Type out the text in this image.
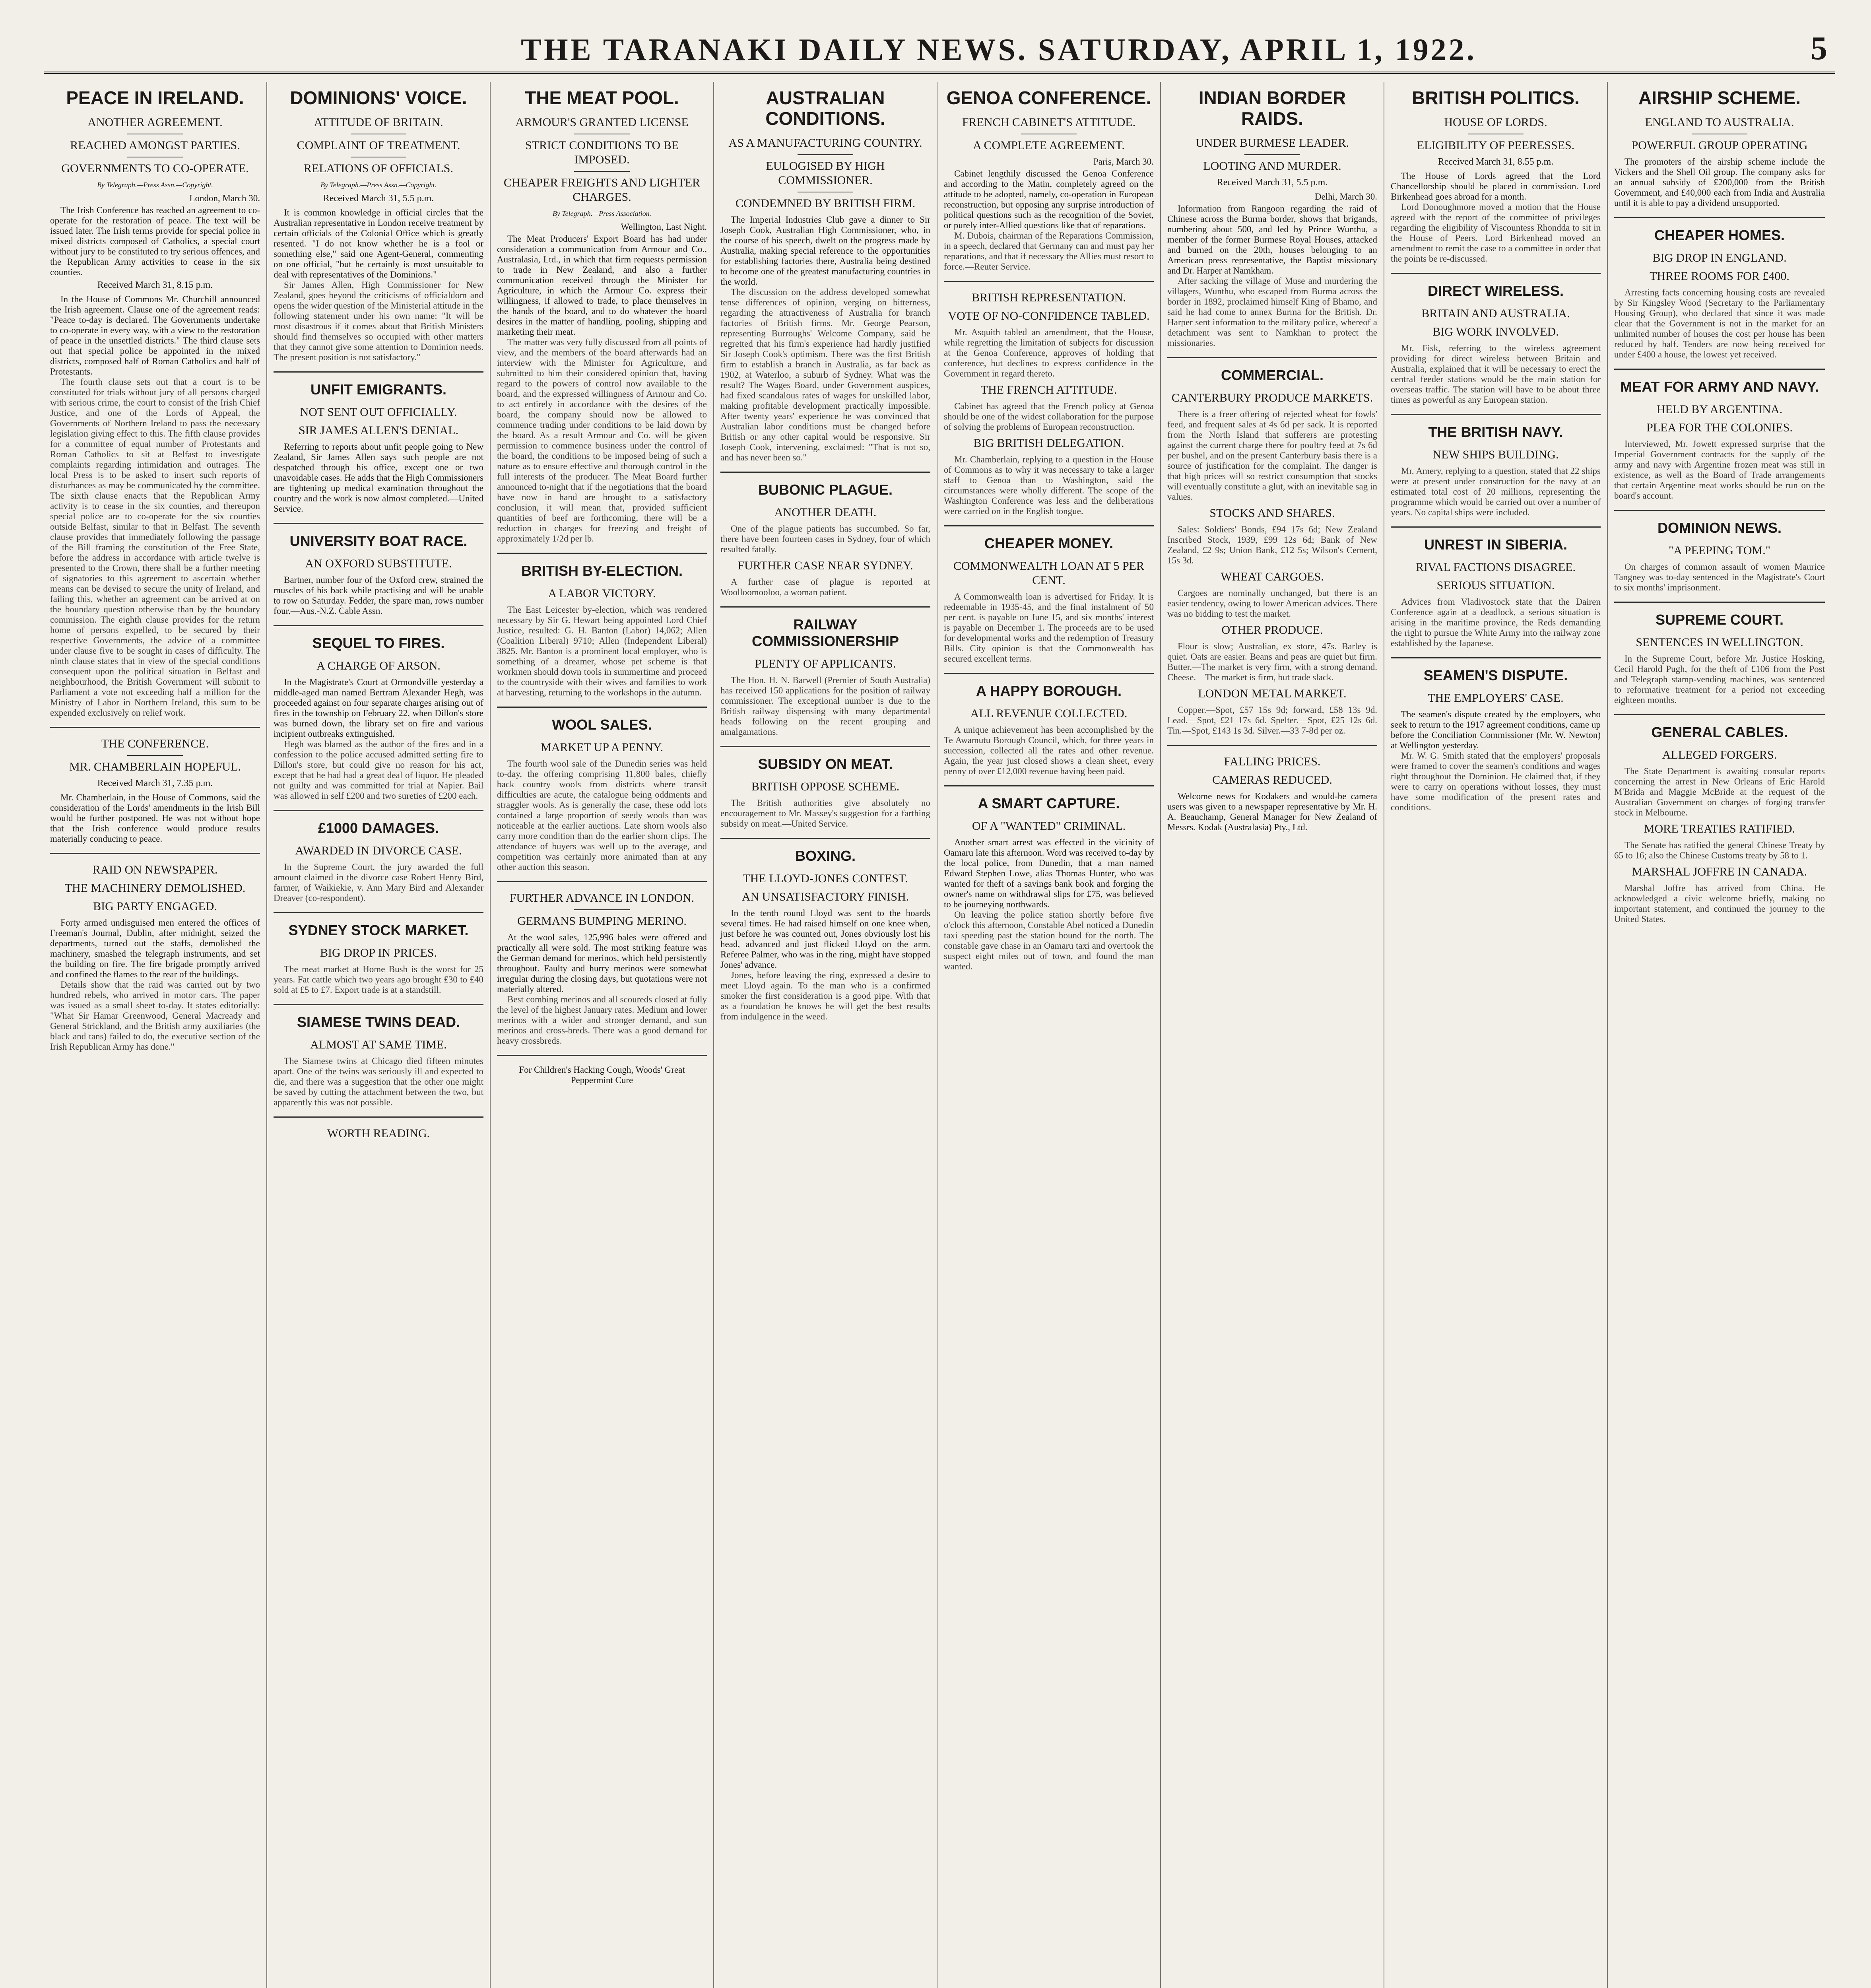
THE TARANAKI DAILY NEWS. SATURDAY, APRIL 1, 1922.	5
PEACE IN IRELAND.
ANOTHER AGREEMENT.
REACHED AMONGST PARTIES.
GOVERNMENTS TO CO-OPERATE.
By Telegraph.—Press Assn.—Copyright.
London, March 30.

The Irish Conference has reached an agreement to co-operate for the restoration of peace. The text will be issued later. The Irish terms provide for special police in mixed districts composed of Catholics, a special court without jury to be constituted to try serious offences, and the Republican Army activities to cease in the six counties.

Received March 31, 8.15 p.m.

In the House of Commons Mr. Churchill announced the Irish agreement. Clause one of the agreement reads: "Peace to-day is declared. The Governments undertake to co-operate in every way, with a view to the restoration of peace in the unsettled districts." The third clause sets out that special police be appointed in the mixed districts, composed half of Roman Catholics and half of Protestants.

The fourth clause sets out that a court is to be constituted for trials without jury of all persons charged with serious crime, the court to consist of the Irish Chief Justice, and one of the Lords of Appeal, the Governments of Northern Ireland to pass the necessary legislation giving effect to this. The fifth clause provides for a committee of equal number of Protestants and Roman Catholics to sit at Belfast to investigate complaints regarding intimidation and outrages. The local Press is to be asked to insert such reports of disturbances as may be communicated by the committee. The sixth clause enacts that the Republican Army activity is to cease in the six counties, and thereupon special police are to co-operate for the six counties outside Belfast, similar to that in Belfast. The seventh clause provides that immediately following the passage of the Bill framing the constitution of the Free State, before the address in accordance with article twelve is presented to the Crown, there shall be a further meeting of signatories to this agreement to ascertain whether means can be devised to secure the unity of Ireland, and failing this, whether an agreement can be arrived at on the boundary question otherwise than by the boundary commission. The eighth clause provides for the return home of persons expelled, to be secured by their respective Governments, the advice of a committee under clause five to be sought in cases of difficulty. The ninth clause states that in view of the special conditions consequent upon the political situation in Belfast and neighbourhood, the British Government will submit to Parliament a vote not exceeding half a million for the Ministry of Labor in Northern Ireland, this sum to be expended exclusively on relief work.

THE CONFERENCE.
MR. CHAMBERLAIN HOPEFUL.
Received March 31, 7.35 p.m.

Mr. Chamberlain, in the House of Commons, said the consideration of the Lords' amendments in the Irish Bill would be further postponed. He was not without hope that the Irish conference would produce results materially conducing to peace.

RAID ON NEWSPAPER.
THE MACHINERY DEMOLISHED.
BIG PARTY ENGAGED.

Forty armed undisguised men entered the offices of Freeman's Journal, Dublin, after midnight, seized the departments, turned out the staffs, demolished the machinery, smashed the telegraph instruments, and set the building on fire. The fire brigade promptly arrived and confined the flames to the rear of the buildings.

Details show that the raid was carried out by two hundred rebels, who arrived in motor cars. The paper was issued as a small sheet to-day. It states editorially: "What Sir Hamar Greenwood, General Macready and General Strickland, and the British army auxiliaries (the black and tans) failed to do, the executive section of the Irish Republican Army has done."

DOMINIONS' VOICE.
ATTITUDE OF BRITAIN.
COMPLAINT OF TREATMENT.
RELATIONS OF OFFICIALS.
By Telegraph.—Press Assn.—Copyright.
Received March 31, 5.5 p.m.

It is common knowledge in official circles that the Australian representative in London receive treatment by certain officials of the Colonial Office which is greatly resented. "I do not know whether he is a fool or something else," said one Agent-General, commenting on one official, "but he certainly is most unsuitable to deal with representatives of the Dominions."

Sir James Allen, High Commissioner for New Zealand, goes beyond the criticisms of officialdom and opens the wider question of the Ministerial attitude in the following statement under his own name: "It will be most disastrous if it comes about that British Ministers should find themselves so occupied with other matters that they cannot give some attention to Dominion needs. The present position is not satisfactory."

UNFIT EMIGRANTS.
NOT SENT OUT OFFICIALLY.
SIR JAMES ALLEN'S DENIAL.

Referring to reports about unfit people going to New Zealand, Sir James Allen says such people are not despatched through his office, except one or two unavoidable cases. He adds that the High Commissioners are tightening up medical examination throughout the country and the work is now almost completed.—United Service.

UNIVERSITY BOAT RACE.
AN OXFORD SUBSTITUTE.

Bartner, number four of the Oxford crew, strained the muscles of his back while practising and will be unable to row on Saturday. Fedder, the spare man, rows number four.—Aus.-N.Z. Cable Assn.

SEQUEL TO FIRES.
A CHARGE OF ARSON.

In the Magistrate's Court at Ormondville yesterday a middle-aged man named Bertram Alexander Hegh, was proceeded against on four separate charges arising out of fires in the township on February 22, when Dillon's store was burned down, the library set on fire and various incipient outbreaks extinguished.

Hegh was blamed as the author of the fires and in a confession to the police accused admitted setting fire to Dillon's store, but could give no reason for his act, except that he had had a great deal of liquor. He pleaded not guilty and was committed for trial at Napier. Bail was allowed in self £200 and two sureties of £200 each.

£1000 DAMAGES.
AWARDED IN DIVORCE CASE.

In the Supreme Court, the jury awarded the full amount claimed in the divorce case Robert Henry Bird, farmer, of Waikiekie, v. Ann Mary Bird and Alexander Dreaver (co-respondent).

SYDNEY STOCK MARKET.
BIG DROP IN PRICES.

The meat market at Home Bush is the worst for 25 years. Fat cattle which two years ago brought £30 to £40 sold at £5 to £7. Export trade is at a standstill.

SIAMESE TWINS DEAD.
ALMOST AT SAME TIME.

The Siamese twins at Chicago died fifteen minutes apart. One of the twins was seriously ill and expected to die, and there was a suggestion that the other one might be saved by cutting the attachment between the two, but apparently this was not possible.

WORTH READING.
THE MEAT POOL.
ARMOUR'S GRANTED LICENSE
STRICT CONDITIONS TO BE IMPOSED.
CHEAPER FREIGHTS AND LIGHTER CHARGES.
By Telegraph.—Press Association.
Wellington, Last Night.

The Meat Producers' Export Board has had under consideration a communication from Armour and Co., Australasia, Ltd., in which that firm requests permission to trade in New Zealand, and also a further communication received through the Minister for Agriculture, in which the Armour Co. express their willingness, if allowed to trade, to place themselves in the hands of the board, and to do whatever the board desires in the matter of handling, pooling, shipping and marketing their meat.

The matter was very fully discussed from all points of view, and the members of the board afterwards had an interview with the Minister for Agriculture, and submitted to him their considered opinion that, having regard to the powers of control now available to the board, and the expressed willingness of Armour and Co. to act entirely in accordance with the desires of the board, the company should now be allowed to commence trading under conditions to be laid down by the board. As a result Armour and Co. will be given permission to commence business under the control of the board, the conditions to be imposed being of such a nature as to ensure effective and thorough control in the full interests of the producer. The Meat Board further announced to-night that if the negotiations that the board have now in hand are brought to a satisfactory conclusion, it will mean that, provided sufficient quantities of beef are forthcoming, there will be a reduction in charges for freezing and freight of approximately 1/2d per lb.

BRITISH BY-ELECTION.
A LABOR VICTORY.

The East Leicester by-election, which was rendered necessary by Sir G. Hewart being appointed Lord Chief Justice, resulted: G. H. Banton (Labor) 14,062; Allen (Coalition Liberal) 9710; Allen (Independent Liberal) 3825. Mr. Banton is a prominent local employer, who is something of a dreamer, whose pet scheme is that workmen should down tools in summertime and proceed to the countryside with their wives and families to work at harvesting, returning to the workshops in the autumn.

WOOL SALES.
MARKET UP A PENNY.

The fourth wool sale of the Dunedin series was held to-day, the offering comprising 11,800 bales, chiefly back country wools from districts where transit difficulties are acute, the catalogue being oddments and straggler wools. As is generally the case, these odd lots contained a large proportion of seedy wools than was noticeable at the earlier auctions. Late shorn wools also carry more condition than do the earlier shorn clips. The attendance of buyers was well up to the average, and competition was certainly more animated than at any other auction this season.

FURTHER ADVANCE IN LONDON.
GERMANS BUMPING MERINO.

At the wool sales, 125,996 bales were offered and practically all were sold. The most striking feature was the German demand for merinos, which held persistently throughout. Faulty and hurry merinos were somewhat irregular during the closing days, but quotations were not materially altered.

Best combing merinos and all scoureds closed at fully the level of the highest January rates. Medium and lower merinos with a wider and stronger demand, and sun merinos and cross-breds. There was a good demand for heavy crossbreds.

For Children's Hacking Cough, Woods' Great Peppermint Cure

AUSTRALIAN CONDITIONS.
AS A MANUFACTURING COUNTRY.
EULOGISED BY HIGH COMMISSIONER.
CONDEMNED BY BRITISH FIRM.

The Imperial Industries Club gave a dinner to Sir Joseph Cook, Australian High Commissioner, who, in the course of his speech, dwelt on the progress made by Australia, making special reference to the opportunities for establishing factories there, Australia being destined to become one of the greatest manufacturing countries in the world.

The discussion on the address developed somewhat tense differences of opinion, verging on bitterness, regarding the attractiveness of Australia for branch factories of British firms. Mr. George Pearson, representing Burroughs' Welcome Company, said he regretted that his firm's experience had hardly justified Sir Joseph Cook's optimism. There was the first British firm to establish a branch in Australia, as far back as 1902, at Waterloo, a suburb of Sydney. What was the result? The Wages Board, under Government auspices, had fixed scandalous rates of wages for unskilled labor, making profitable development practically impossible. After twenty years' experience he was convinced that Australian labor conditions must be changed before British or any other capital would be responsive. Sir Joseph Cook, intervening, exclaimed: "That is not so, and has never been so."

BUBONIC PLAGUE.
ANOTHER DEATH.

One of the plague patients has succumbed. So far, there have been fourteen cases in Sydney, four of which resulted fatally.

FURTHER CASE NEAR SYDNEY.

A further case of plague is reported at Woolloomooloo, a woman patient.

RAILWAY COMMISSIONERSHIP
PLENTY OF APPLICANTS.

The Hon. H. N. Barwell (Premier of South Australia) has received 150 applications for the position of railway commissioner. The exceptional number is due to the British railway dispensing with many departmental heads following on the recent grouping and amalgamations.

SUBSIDY ON MEAT.
BRITISH OPPOSE SCHEME.

The British authorities give absolutely no encouragement to Mr. Massey's suggestion for a farthing subsidy on meat.—United Service.

BOXING.
THE LLOYD-JONES CONTEST.
AN UNSATISFACTORY FINISH.

In the tenth round Lloyd was sent to the boards several times. He had raised himself on one knee when, just before he was counted out, Jones obviously lost his head, advanced and just flicked Lloyd on the arm. Referee Palmer, who was in the ring, might have stopped Jones' advance.

Jones, before leaving the ring, expressed a desire to meet Lloyd again. To the man who is a confirmed smoker the first consideration is a good pipe. With that as a foundation he knows he will get the best results from indulgence in the weed.

GENOA CONFERENCE.
FRENCH CABINET'S ATTITUDE.
A COMPLETE AGREEMENT.
Paris, March 30.

Cabinet lengthily discussed the Genoa Conference and according to the Matin, completely agreed on the attitude to be adopted, namely, co-operation in European reconstruction, but opposing any surprise introduction of political questions such as the recognition of the Soviet, or purely inter-Allied questions like that of reparations.

M. Dubois, chairman of the Reparations Commission, in a speech, declared that Germany can and must pay her reparations, and that if necessary the Allies must resort to force.—Reuter Service.

BRITISH REPRESENTATION.
VOTE OF NO-CONFIDENCE TABLED.

Mr. Asquith tabled an amendment, that the House, while regretting the limitation of subjects for discussion at the Genoa Conference, approves of holding that conference, but declines to express confidence in the Government in regard thereto.

THE FRENCH ATTITUDE.

Cabinet has agreed that the French policy at Genoa should be one of the widest collaboration for the purpose of solving the problems of European reconstruction.

BIG BRITISH DELEGATION.

Mr. Chamberlain, replying to a question in the House of Commons as to why it was necessary to take a larger staff to Genoa than to Washington, said the circumstances were wholly different. The scope of the Washington Conference was less and the deliberations were carried on in the English tongue.

CHEAPER MONEY.
COMMONWEALTH LOAN AT 5 PER CENT.

A Commonwealth loan is advertised for Friday. It is redeemable in 1935-45, and the final instalment of 50 per cent. is payable on June 15, and six months' interest is payable on December 1. The proceeds are to be used for developmental works and the redemption of Treasury Bills. City opinion is that the Commonwealth has secured excellent terms.

A HAPPY BOROUGH.
ALL REVENUE COLLECTED.

A unique achievement has been accomplished by the Te Awamutu Borough Council, which, for three years in succession, collected all the rates and other revenue. Again, the year just closed shows a clean sheet, every penny of over £12,000 revenue having been paid.

A SMART CAPTURE.
OF A "WANTED" CRIMINAL.

Another smart arrest was effected in the vicinity of Oamaru late this afternoon. Word was received to-day by the local police, from Dunedin, that a man named Edward Stephen Lowe, alias Thomas Hunter, who was wanted for theft of a savings bank book and forging the owner's name on withdrawal slips for £75, was believed to be journeying northwards.

On leaving the police station shortly before five o'clock this afternoon, Constable Abel noticed a Dunedin taxi speeding past the station bound for the north. The constable gave chase in an Oamaru taxi and overtook the suspect eight miles out of town, and found the man wanted.

INDIAN BORDER RAIDS.
UNDER BURMESE LEADER.
LOOTING AND MURDER.
Received March 31, 5.5 p.m.
Delhi, March 30.

Information from Rangoon regarding the raid of Chinese across the Burma border, shows that brigands, numbering about 500, and led by Prince Wunthu, a member of the former Burmese Royal Houses, attacked and burned on the 20th, houses belonging to an American press representative, the Baptist missionary and Dr. Harper at Namkham.

After sacking the village of Muse and murdering the villagers, Wunthu, who escaped from Burma across the border in 1892, proclaimed himself King of Bhamo, and said he had come to annex Burma for the British. Dr. Harper sent information to the military police, whereof a detachment was sent to Namkhan to protect the missionaries.

COMMERCIAL.
CANTERBURY PRODUCE MARKETS.

There is a freer offering of rejected wheat for fowls' feed, and frequent sales at 4s 6d per sack. It is reported from the North Island that sufferers are protesting against the current charge there for poultry feed at 7s 6d per bushel, and on the present Canterbury basis there is a source of justification for the complaint. The danger is that high prices will so restrict consumption that stocks will eventually constitute a glut, with an inevitable sag in values.

STOCKS AND SHARES.

Sales: Soldiers' Bonds, £94 17s 6d; New Zealand Inscribed Stock, 1939, £99 12s 6d; Bank of New Zealand, £2 9s; Union Bank, £12 5s; Wilson's Cement, 15s 3d.

WHEAT CARGOES.

Cargoes are nominally unchanged, but there is an easier tendency, owing to lower American advices. There was no bidding to test the market.

OTHER PRODUCE.

Flour is slow; Australian, ex store, 47s. Barley is quiet. Oats are easier. Beans and peas are quiet but firm. Butter.—The market is very firm, with a strong demand. Cheese.—The market is firm, but trade slack.

LONDON METAL MARKET.

Copper.—Spot, £57 15s 9d; forward, £58 13s 9d. Lead.—Spot, £21 17s 6d. Spelter.—Spot, £25 12s 6d. Tin.—Spot, £143 1s 3d. Silver.—33 7-8d per oz.

FALLING PRICES.
CAMERAS REDUCED.

Welcome news for Kodakers and would-be camera users was given to a newspaper representative by Mr. H. A. Beauchamp, General Manager for New Zealand of Messrs. Kodak (Australasia) Pty., Ltd.

BRITISH POLITICS.
HOUSE OF LORDS.
ELIGIBILITY OF PEERESSES.
Received March 31, 8.55 p.m.

The House of Lords agreed that the Lord Chancellorship should be placed in commission. Lord Birkenhead goes abroad for a month.

Lord Donoughmore moved a motion that the House agreed with the report of the committee of privileges regarding the eligibility of Viscountess Rhondda to sit in the House of Peers. Lord Birkenhead moved an amendment to remit the case to a committee in order that the points be re-discussed.

DIRECT WIRELESS.
BRITAIN AND AUSTRALIA.
BIG WORK INVOLVED.

Mr. Fisk, referring to the wireless agreement providing for direct wireless between Britain and Australia, explained that it will be necessary to erect the central feeder stations would be the main station for overseas traffic. The station will have to be about three times as powerful as any European station.

THE BRITISH NAVY.
NEW SHIPS BUILDING.

Mr. Amery, replying to a question, stated that 22 ships were at present under construction for the navy at an estimated total cost of 20 millions, representing the programme which would be carried out over a number of years. No capital ships were included.

UNREST IN SIBERIA.
RIVAL FACTIONS DISAGREE.
SERIOUS SITUATION.

Advices from Vladivostock state that the Dairen Conference again at a deadlock, a serious situation is arising in the maritime province, the Reds demanding the right to pursue the White Army into the railway zone established by the Japanese.

SEAMEN'S DISPUTE.
THE EMPLOYERS' CASE.

The seamen's dispute created by the employers, who seek to return to the 1917 agreement conditions, came up before the Conciliation Commissioner (Mr. W. Newton) at Wellington yesterday.

Mr. W. G. Smith stated that the employers' proposals were framed to cover the seamen's conditions and wages right throughout the Dominion. He claimed that, if they were to carry on operations without losses, they must have some modification of the present rates and conditions.

AIRSHIP SCHEME.
ENGLAND TO AUSTRALIA.
POWERFUL GROUP OPERATING

The promoters of the airship scheme include the Vickers and the Shell Oil group. The company asks for an annual subsidy of £200,000 from the British Government, and £40,000 each from India and Australia until it is able to pay a dividend unsupported.

CHEAPER HOMES.
BIG DROP IN ENGLAND.
THREE ROOMS FOR £400.

Arresting facts concerning housing costs are revealed by Sir Kingsley Wood (Secretary to the Parliamentary Housing Group), who declared that since it was made clear that the Government is not in the market for an unlimited number of houses the cost per house has been reduced by half. Tenders are now being received for under £400 a house, the lowest yet received.

MEAT FOR ARMY AND NAVY.
HELD BY ARGENTINA.
PLEA FOR THE COLONIES.

Interviewed, Mr. Jowett expressed surprise that the Imperial Government contracts for the supply of the army and navy with Argentine frozen meat was still in existence, as well as the Board of Trade arrangements that certain Argentine meat works should be run on the board's account.

DOMINION NEWS.
"A PEEPING TOM."

On charges of common assault of women Maurice Tangney was to-day sentenced in the Magistrate's Court to six months' imprisonment.

SUPREME COURT.
SENTENCES IN WELLINGTON.

In the Supreme Court, before Mr. Justice Hosking, Cecil Harold Pugh, for the theft of £106 from the Post and Telegraph stamp-vending machines, was sentenced to reformative treatment for a period not exceeding eighteen months.

GENERAL CABLES.
ALLEGED FORGERS.

The State Department is awaiting consular reports concerning the arrest in New Orleans of Eric Harold M'Brida and Maggie McBride at the request of the Australian Government on charges of forging transfer stock in Melbourne.

MORE TREATIES RATIFIED.

The Senate has ratified the general Chinese Treaty by 65 to 16; also the Chinese Customs treaty by 58 to 1.

MARSHAL JOFFRE IN CANADA.

Marshal Joffre has arrived from China. He acknowledged a civic welcome briefly, making no important statement, and continued the journey to the United States.
